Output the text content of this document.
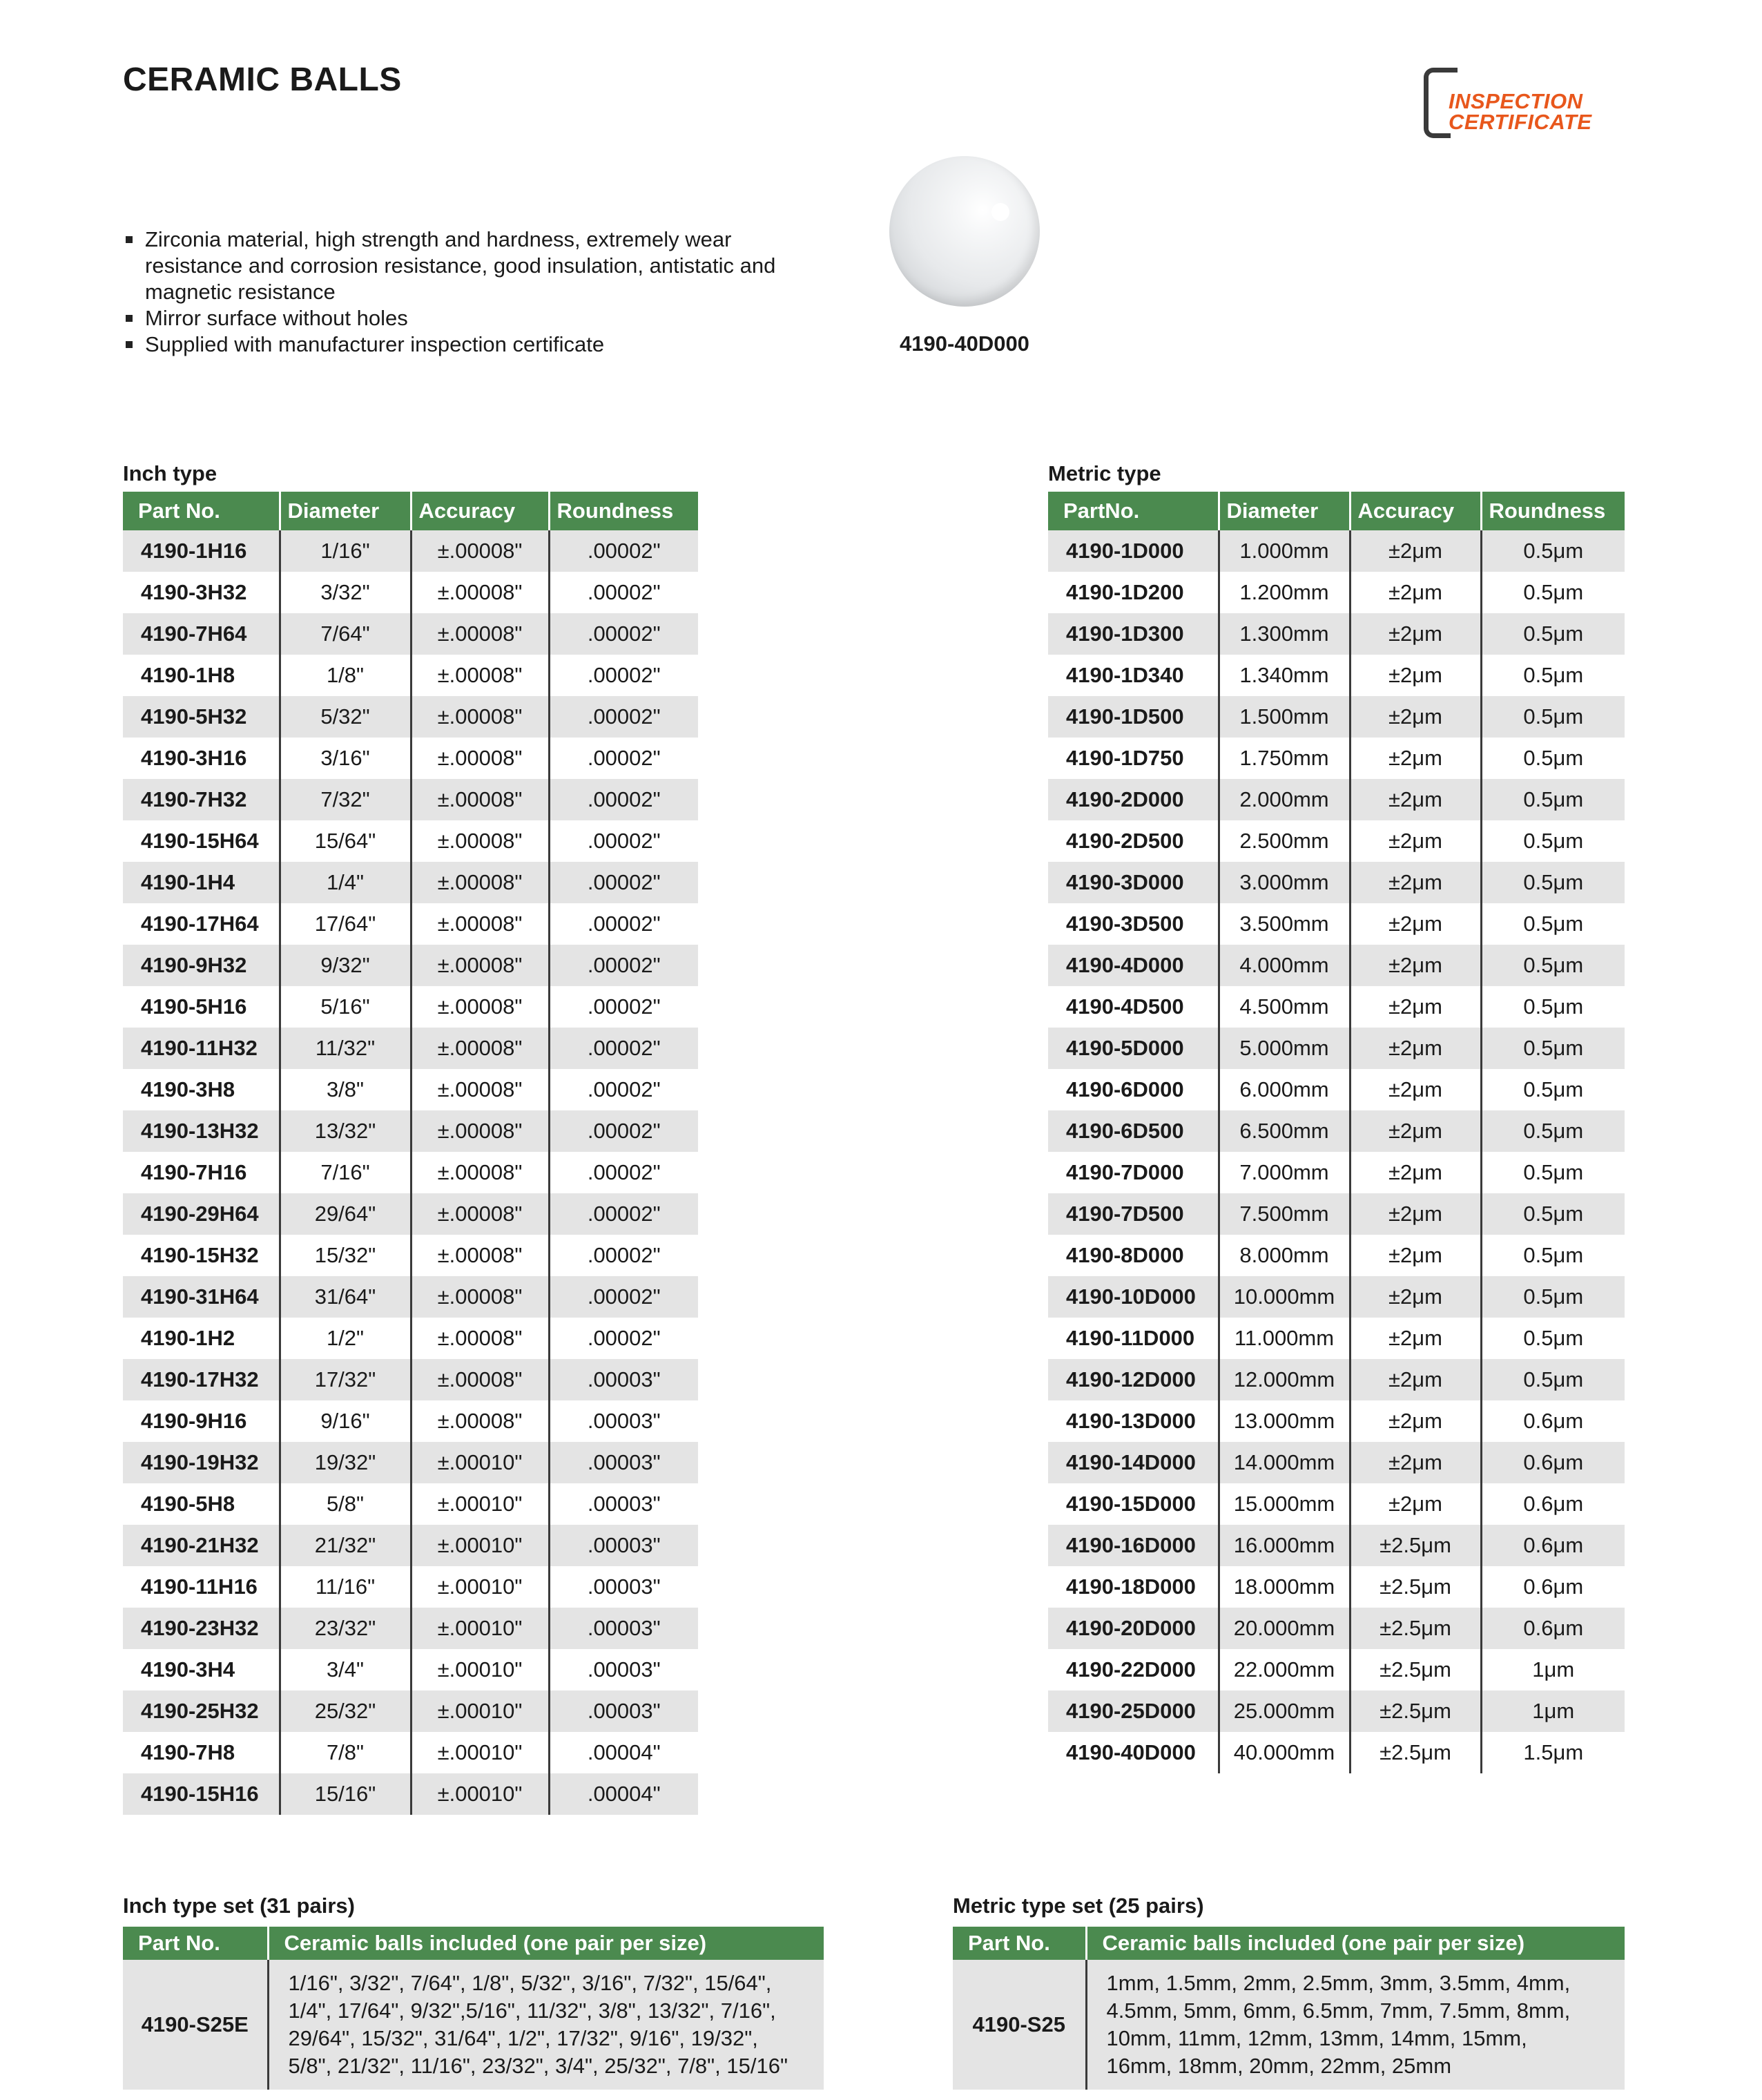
CERAMIC BALLS
INSPECTION
CERTIFICATE
Zirconia material, high strength and hardness, extremely wear resistance and corrosion resistance, good insulation, antistatic and magnetic resistance
Mirror surface without holes
Supplied with manufacturer inspection certificate	4190-40D000
Inch type
Part No.	Diameter	Accuracy	Roundness
4190-1H16	1/16"	±.00008"	.00002"
4190-3H32	3/32"	±.00008"	.00002"
4190-7H64	7/64"	±.00008"	.00002"
4190-1H8	1/8"	±.00008"	.00002"
4190-5H32	5/32"	±.00008"	.00002"
4190-3H16	3/16"	±.00008"	.00002"
4190-7H32	7/32"	±.00008"	.00002"
4190-15H64	15/64"	±.00008"	.00002"
4190-1H4	1/4"	±.00008"	.00002"
4190-17H64	17/64"	±.00008"	.00002"
4190-9H32	9/32"	±.00008"	.00002"
4190-5H16	5/16"	±.00008"	.00002"
4190-11H32	11/32"	±.00008"	.00002"
4190-3H8	3/8"	±.00008"	.00002"
4190-13H32	13/32"	±.00008"	.00002"
4190-7H16	7/16"	±.00008"	.00002"
4190-29H64	29/64"	±.00008"	.00002"
4190-15H32	15/32"	±.00008"	.00002"
4190-31H64	31/64"	±.00008"	.00002"
4190-1H2	1/2"	±.00008"	.00002"
4190-17H32	17/32"	±.00008"	.00003"
4190-9H16	9/16"	±.00008"	.00003"
4190-19H32	19/32"	±.00010"	.00003"
4190-5H8	5/8"	±.00010"	.00003"
4190-21H32	21/32"	±.00010"	.00003"
4190-11H16	11/16"	±.00010"	.00003"
4190-23H32	23/32"	±.00010"	.00003"
4190-3H4	3/4"	±.00010"	.00003"
4190-25H32	25/32"	±.00010"	.00003"
4190-7H8	7/8"	±.00010"	.00004"
4190-15H16	15/16"	±.00010"	.00004"
Metric type
PartNo.	Diameter	Accuracy	Roundness
4190-1D000	1.000mm	±2μm	0.5μm
4190-1D200	1.200mm	±2μm	0.5μm
4190-1D300	1.300mm	±2μm	0.5μm
4190-1D340	1.340mm	±2μm	0.5μm
4190-1D500	1.500mm	±2μm	0.5μm
4190-1D750	1.750mm	±2μm	0.5μm
4190-2D000	2.000mm	±2μm	0.5μm
4190-2D500	2.500mm	±2μm	0.5μm
4190-3D000	3.000mm	±2μm	0.5μm
4190-3D500	3.500mm	±2μm	0.5μm
4190-4D000	4.000mm	±2μm	0.5μm
4190-4D500	4.500mm	±2μm	0.5μm
4190-5D000	5.000mm	±2μm	0.5μm
4190-6D000	6.000mm	±2μm	0.5μm
4190-6D500	6.500mm	±2μm	0.5μm
4190-7D000	7.000mm	±2μm	0.5μm
4190-7D500	7.500mm	±2μm	0.5μm
4190-8D000	8.000mm	±2μm	0.5μm
4190-10D000	10.000mm	±2μm	0.5μm
4190-11D000	11.000mm	±2μm	0.5μm
4190-12D000	12.000mm	±2μm	0.5μm
4190-13D000	13.000mm	±2μm	0.6μm
4190-14D000	14.000mm	±2μm	0.6μm
4190-15D000	15.000mm	±2μm	0.6μm
4190-16D000	16.000mm	±2.5μm	0.6μm
4190-18D000	18.000mm	±2.5μm	0.6μm
4190-20D000	20.000mm	±2.5μm	0.6μm
4190-22D000	22.000mm	±2.5μm	1μm
4190-25D000	25.000mm	±2.5μm	1μm
4190-40D000	40.000mm	±2.5μm	1.5μm
Inch type set (31 pairs)
Part No.	Ceramic balls included (one pair per size)
4190-S25E	1/16", 3/32", 7/64", 1/8", 5/32", 3/16", 7/32", 15/64",
1/4", 17/64", 9/32",5/16", 11/32", 3/8", 13/32", 7/16",
29/64", 15/32", 31/64", 1/2", 17/32", 9/16", 19/32",
5/8", 21/32", 11/16", 23/32", 3/4", 25/32", 7/8", 15/16"
Metric type set (25 pairs)
Part No.	Ceramic balls included (one pair per size)
4190-S25	1mm, 1.5mm, 2mm, 2.5mm, 3mm, 3.5mm, 4mm,
4.5mm, 5mm, 6mm, 6.5mm, 7mm, 7.5mm, 8mm,
10mm, 11mm, 12mm, 13mm, 14mm, 15mm,
16mm, 18mm, 20mm, 22mm, 25mm
